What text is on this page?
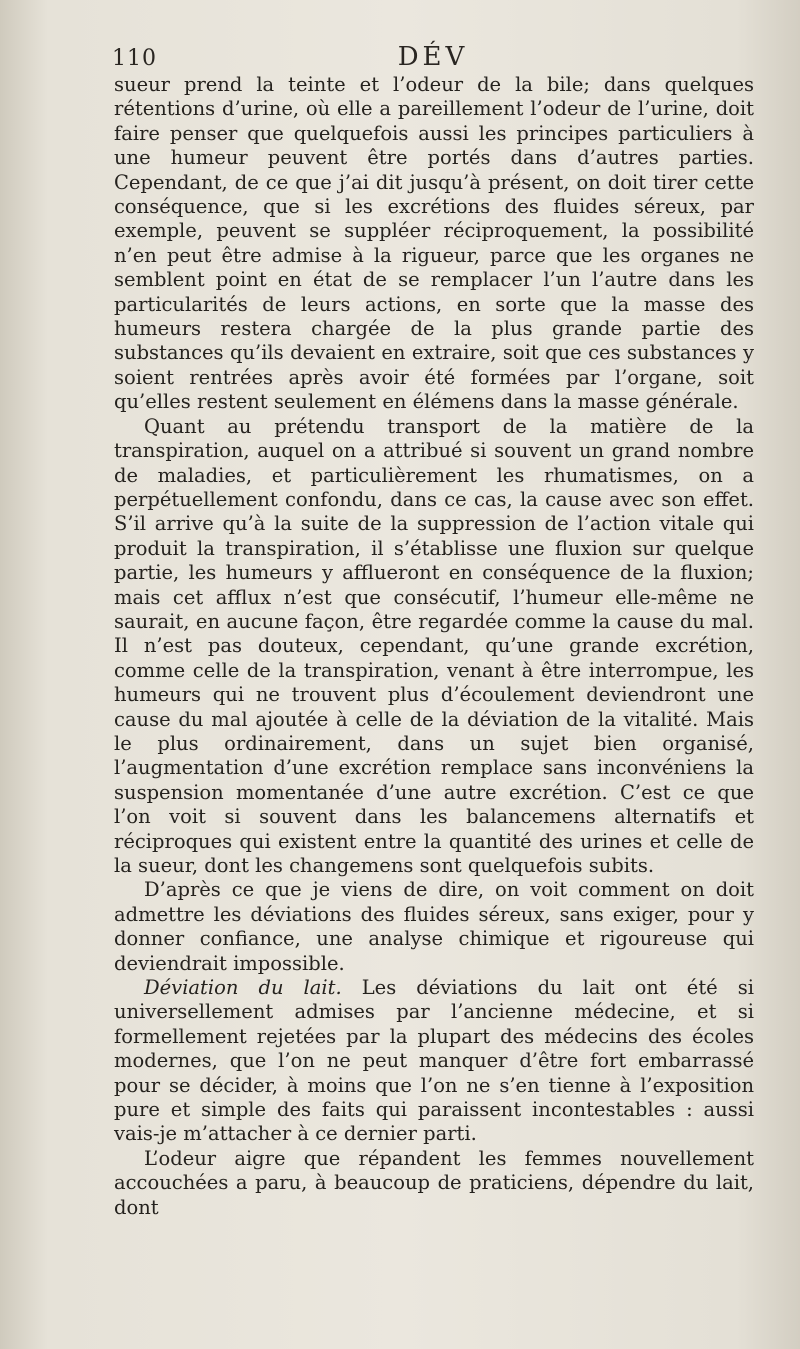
110	DÉV

sueur prend la teinte et l’odeur de la bile; dans quelques rétentions d’urine, où elle a pareillement l’odeur de l’urine, doit faire penser que quelquefois aussi les principes particuliers à une humeur peuvent être portés dans d’autres parties. Cependant, de ce que j’ai dit jusqu’à présent, on doit tirer cette conséquence, que si les excrétions des fluides séreux, par exemple, peuvent se suppléer réciproquement, la possibilité n’en peut être admise à la rigueur, parce que les organes ne semblent point en état de se remplacer l’un l’autre dans les particularités de leurs actions, en sorte que la masse des humeurs restera chargée de la plus grande partie des substances qu’ils devaient en extraire, soit que ces substances y soient rentrées après avoir été formées par l’organe, soit qu’elles restent seulement en élémens dans la masse générale.

Quant au prétendu transport de la matière de la transpiration, auquel on a attribué si souvent un grand nombre de maladies, et particulièrement les rhumatismes, on a perpétuellement confondu, dans ce cas, la cause avec son effet. S’il arrive qu’à la suite de la suppression de l’action vitale qui produit la transpiration, il s’établisse une fluxion sur quelque partie, les humeurs y afflueront en conséquence de la fluxion; mais cet afflux n’est que consécutif, l’humeur elle-même ne saurait, en aucune façon, être regardée comme la cause du mal. Il n’est pas douteux, cependant, qu’une grande excrétion, comme celle de la transpiration, venant à être interrompue, les humeurs qui ne trouvent plus d’écoulement deviendront une cause du mal ajoutée à celle de la déviation de la vitalité. Mais le plus ordinairement, dans un sujet bien organisé, l’augmentation d’une excrétion remplace sans inconvéniens la suspension momentanée d’une autre excrétion. C’est ce que l’on voit si souvent dans les balancemens alternatifs et réciproques qui existent entre la quantité des urines et celle de la sueur, dont les changemens sont quelquefois subits.

D’après ce que je viens de dire, on voit comment on doit admettre les déviations des fluides séreux, sans exiger, pour y donner confiance, une analyse chimique et rigoureuse qui deviendrait impossible.

Déviation du lait. Les déviations du lait ont été si universellement admises par l’ancienne médecine, et si formellement rejetées par la plupart des médecins des écoles modernes, que l’on ne peut manquer d’être fort embarrassé pour se décider, à moins que l’on ne s’en tienne à l’exposition pure et simple des faits qui paraissent incontestables : aussi vais-je m’attacher à ce dernier parti.

L’odeur aigre que répandent les femmes nouvellement accouchées a paru, à beaucoup de praticiens, dépendre du lait, dont
